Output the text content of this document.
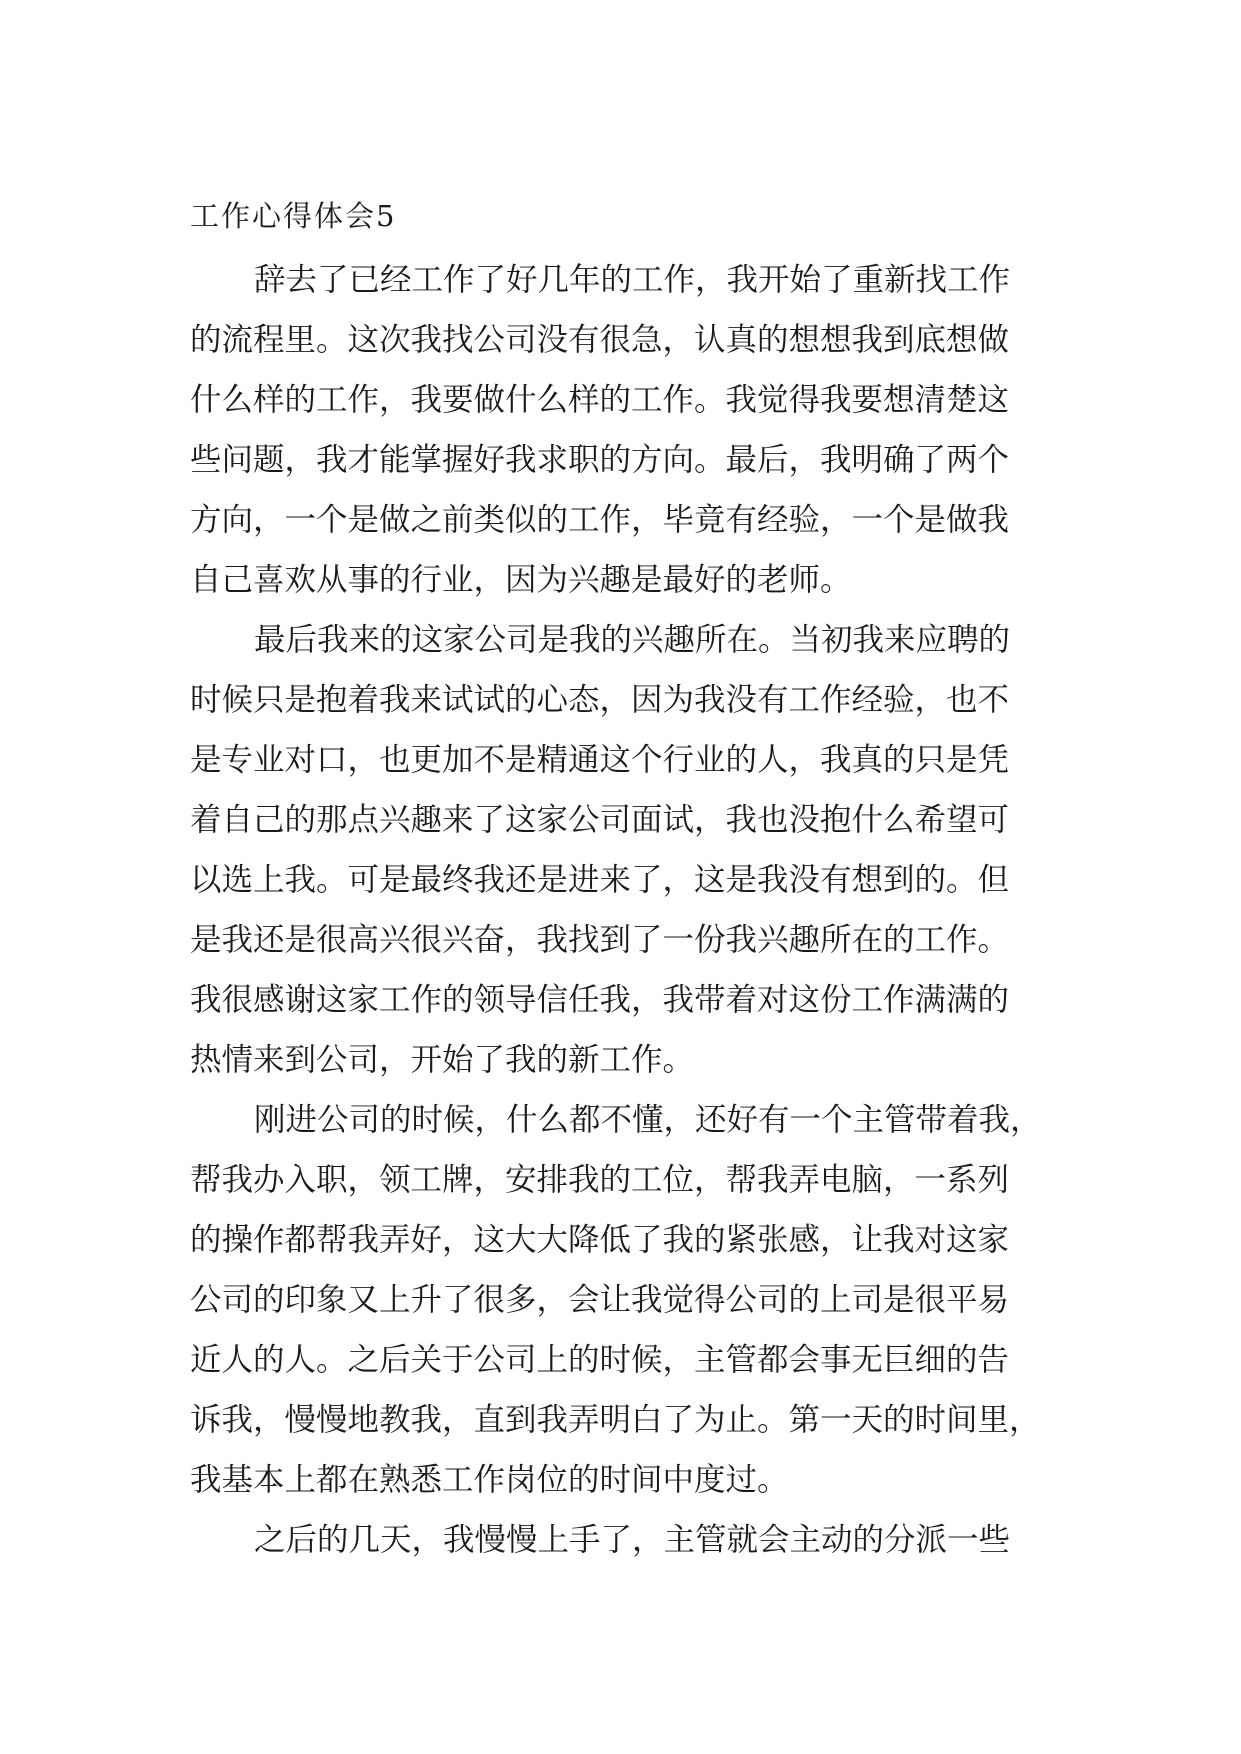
工作心得体会5
辞去了已经工作了好几年的工作，我开始了重新找工作
的流程里。这次我找公司没有很急，认真的想想我到底想做
什么样的工作，我要做什么样的工作。我觉得我要想清楚这
些问题，我才能掌握好我求职的方向。最后，我明确了两个
方向，一个是做之前类似的工作，毕竟有经验，一个是做我
自己喜欢从事的行业，因为兴趣是最好的老师。
最后我来的这家公司是我的兴趣所在。当初我来应聘的
时候只是抱着我来试试的心态，因为我没有工作经验，也不
是专业对口，也更加不是精通这个行业的人，我真的只是凭
着自己的那点兴趣来了这家公司面试，我也没抱什么希望可
以选上我。可是最终我还是进来了，这是我没有想到的。但
是我还是很高兴很兴奋，我找到了一份我兴趣所在的工作。
我很感谢这家工作的领导信任我，我带着对这份工作满满的
热情来到公司，开始了我的新工作。
刚进公司的时候，什么都不懂，还好有一个主管带着我，
帮我办入职，领工牌，安排我的工位，帮我弄电脑，一系列
的操作都帮我弄好，这大大降低了我的紧张感，让我对这家
公司的印象又上升了很多，会让我觉得公司的上司是很平易
近人的人。之后关于公司上的时候，主管都会事无巨细的告
诉我，慢慢地教我，直到我弄明白了为止。第一天的时间里，
我基本上都在熟悉工作岗位的时间中度过。
之后的几天，我慢慢上手了，主管就会主动的分派一些
